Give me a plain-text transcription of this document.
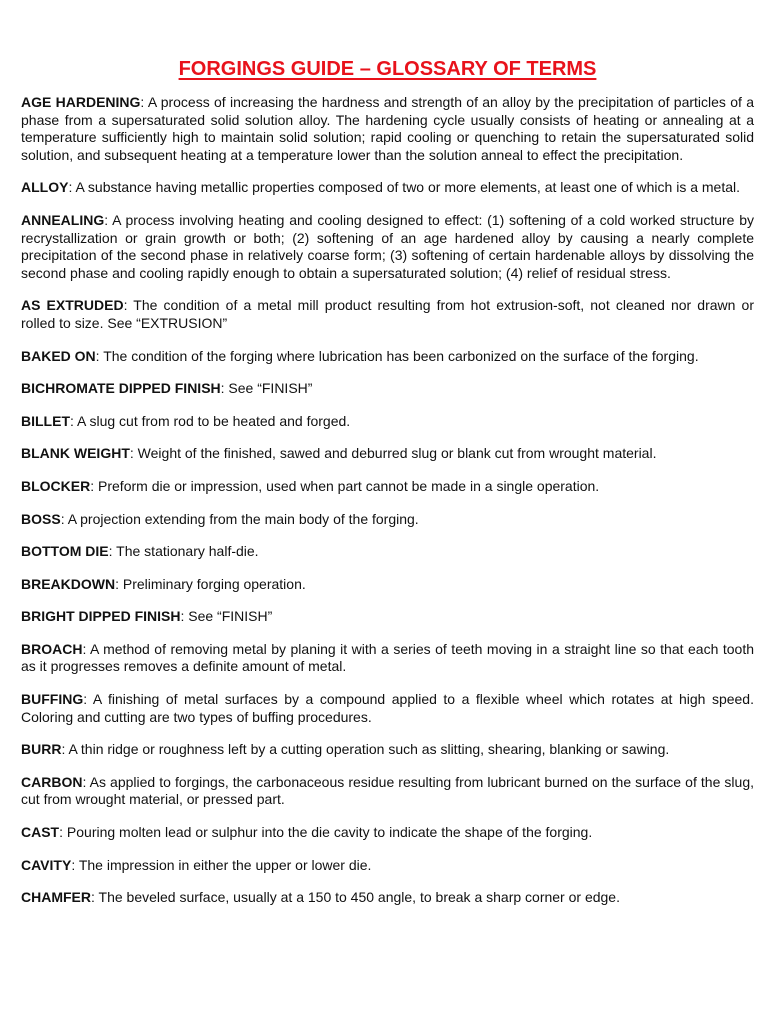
FORGINGS GUIDE – GLOSSARY OF TERMS

AGE HARDENING: A process of increasing the hardness and strength of an alloy by the precipitation of particles of a phase from a supersaturated solid solution alloy. The hardening cycle usually consists of heating or annealing at a temperature sufficiently high to maintain solid solution; rapid cooling or quenching to retain the supersaturated solid solution, and subsequent heating at a temperature lower than the solution anneal to effect the precipitation.

ALLOY: A substance having metallic properties composed of two or more elements, at least one of which is a metal.

ANNEALING: A process involving heating and cooling designed to effect: (1) softening of a cold worked structure by recrystallization or grain growth or both; (2) softening of an age hardened alloy by causing a nearly complete precipitation of the second phase in relatively coarse form; (3) softening of certain hardenable alloys by dissolving the second phase and cooling rapidly enough to obtain a supersaturated solution; (4) relief of residual stress.

AS EXTRUDED: The condition of a metal mill product resulting from hot extrusion-soft, not cleaned nor drawn or rolled to size. See “EXTRUSION”

BAKED ON: The condition of the forging where lubrication has been carbonized on the surface of the forging.

BICHROMATE DIPPED FINISH: See “FINISH”

BILLET: A slug cut from rod to be heated and forged.

BLANK WEIGHT: Weight of the finished, sawed and deburred slug or blank cut from wrought material.

BLOCKER: Preform die or impression, used when part cannot be made in a single operation.

BOSS: A projection extending from the main body of the forging.

BOTTOM DIE: The stationary half-die.

BREAKDOWN: Preliminary forging operation.

BRIGHT DIPPED FINISH: See “FINISH”

BROACH: A method of removing metal by planing it with a series of teeth moving in a straight line so that each tooth as it progresses removes a definite amount of metal.

BUFFING: A finishing of metal surfaces by a compound applied to a flexible wheel which rotates at high speed. Coloring and cutting are two types of buffing procedures.

BURR: A thin ridge or roughness left by a cutting operation such as slitting, shearing, blanking or sawing.

CARBON: As applied to forgings, the carbonaceous residue resulting from lubricant burned on the surface of the slug, cut from wrought material, or pressed part.

CAST: Pouring molten lead or sulphur into the die cavity to indicate the shape of the forging.

CAVITY: The impression in either the upper or lower die.

CHAMFER: The beveled surface, usually at a 150 to 450 angle, to break a sharp corner or edge.
